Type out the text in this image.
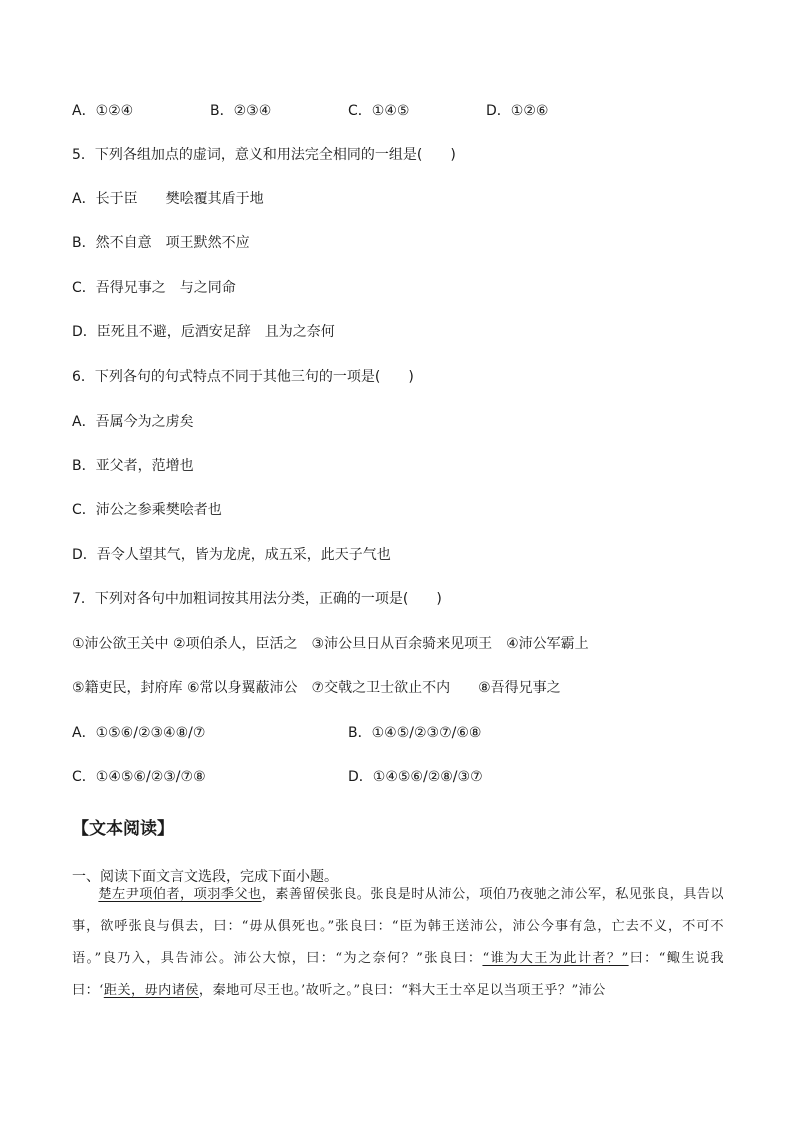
A．①②④	B．②③④	C．①④⑤	D．①②⑥
5．下列各组加点的虚词，意义和用法完全相同的一组是(　　)
A．长于臣　　樊哙覆其盾于地
B．然不自意　项王默然不应
C．吾得兄事之　与之同命
D．臣死且不避，卮酒安足辞　且为之奈何
6．下列各句的句式特点不同于其他三句的一项是(　　)
A．吾属今为之虏矣
B．亚父者，范增也
C．沛公之参乘樊哙者也
D．吾令人望其气，皆为龙虎，成五采，此天子气也
7．下列对各句中加粗词按其用法分类，正确的一项是(　　)
①沛公欲王关中 ②项伯杀人，臣活之　③沛公旦日从百余骑来见项王　④沛公军霸上
⑤籍吏民，封府库 ⑥常以身翼蔽沛公　⑦交戟之卫士欲止不内　　⑧吾得兄事之
A．①⑤⑥/②③④⑧/⑦	B．①④⑤/②③⑦/⑥⑧
C．①④⑤⑥/②③/⑦⑧	D．①④⑤⑥/②⑧/③⑦
【文本阅读】
一、阅读下面文言文选段，完成下面小题。
楚左尹项伯者，项羽季父也，素善留侯张良。张良是时从沛公，项伯乃夜驰之沛公军，私见张良，具告以事，欲呼张良与俱去，曰：“毋从俱死也。”张良曰：“臣为韩王送沛公，沛公今事有急，亡去不义，不可不语。”良乃入，具告沛公。沛公大惊，曰：“为之奈何？”张良曰：“谁为大王为此计者？”曰：“鲰生说我曰：‘距关，毋内诸侯，秦地可尽王也。’故听之。”良曰：“料大王士卒足以当项王乎？”沛公
